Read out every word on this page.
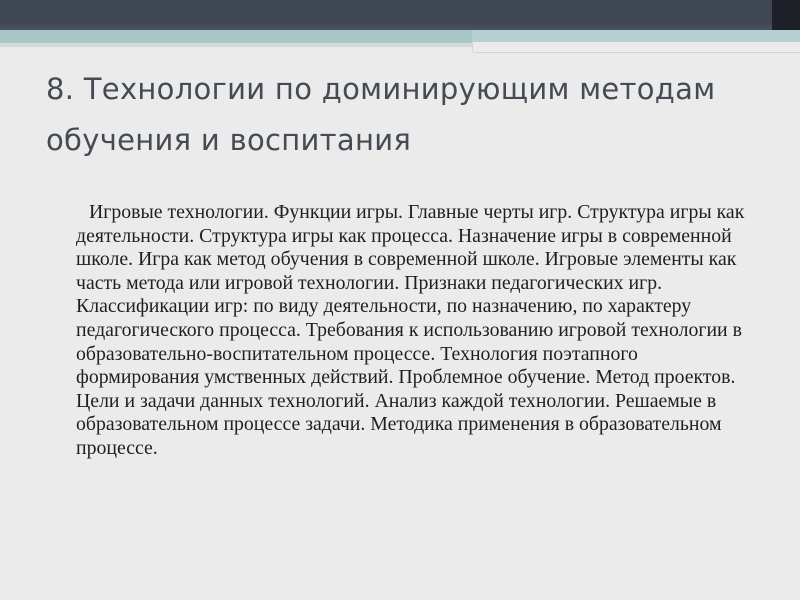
8. Технологии по доминирующим методам обучения и воспитания

Игровые технологии. Функции игры. Главные черты игр. Структура игры как деятельности. Структура игры как процесса. Назначение игры в современной школе. Игра как метод обучения в современной школе. Игровые элементы как часть метода или игровой технологии. Признаки педагогических игр. Классификации игр: по виду деятельности, по назначению, по характеру педагогического процесса. Требования к использованию игровой технологии в образовательно-воспитательном процессе. Технология поэтапного формирования умственных действий. Проблемное обучение. Метод проектов. Цели и задачи данных технологий. Анализ каждой технологии. Решаемые в образовательном процессе задачи. Методика применения в образовательном процессе.
